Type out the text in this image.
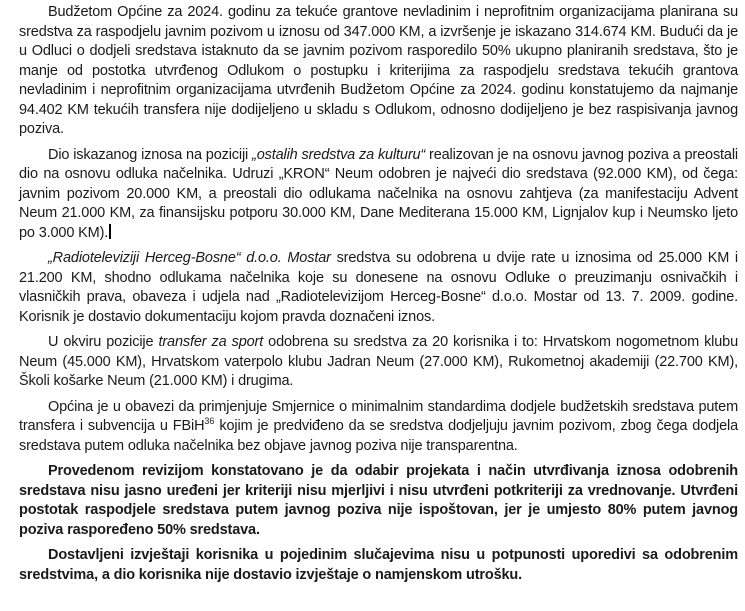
Budžetom Općine za 2024. godinu za tekuće grantove nevladinim i neprofitnim organizacijama planirana su sredstva za raspodjelu javnim pozivom u iznosu od 347.000 KM, a izvršenje je iskazano 314.674 KM. Budući da je u Odluci o dodjeli sredstava istaknuto da se javnim pozivom rasporedilo 50% ukupno planiranih sredstava, što je manje od postotka utvrđenog Odlukom o postupku i kriterijima za raspodjelu sredstava tekućih grantova nevladinim i neprofitnim organizacijama utvrđenih Budžetom Općine za 2024. godinu konstatujemo da najmanje 94.402 KM tekućih transfera nije dodijeljeno u skladu s Odlukom, odnosno dodijeljeno je bez raspisivanja javnog poziva.

Dio iskazanog iznosa na poziciji „ostalih sredstva za kulturu“ realizovan je na osnovu javnog poziva a preostali dio na osnovu odluka načelnika. Udruzi „KRON“ Neum odobren je najveći dio sredstava (92.000 KM), od čega: javnim pozivom 20.000 KM, a preostali dio odlukama načelnika na osnovu zahtjeva (za manifestaciju Advent Neum 21.000 KM, za finansijsku potporu 30.000 KM, Dane Mediterana 15.000 KM, Lignjalov kup i Neumsko ljeto po 3.000 KM).

„Radioteleviziji Herceg-Bosne“ d.o.o. Mostar sredstva su odobrena u dvije rate u iznosima od 25.000 KM i 21.200 KM, shodno odlukama načelnika koje su donesene na osnovu Odluke o preuzimanju osnivačkih i vlasničkih prava, obaveza i udjela nad „Radiotelevizijom Herceg-Bosne“ d.o.o. Mostar od 13. 7. 2009. godine. Korisnik je dostavio dokumentaciju kojom pravda doznačeni iznos.

U okviru pozicije transfer za sport odobrena su sredstva za 20 korisnika i to: Hrvatskom nogometnom klubu Neum (45.000 KM), Hrvatskom vaterpolo klubu Jadran Neum (27.000 KM), Rukometnoj akademiji (22.700 KM), Školi košarke Neum (21.000 KM) i drugima.

Općina je u obavezi da primjenjuje Smjernice o minimalnim standardima dodjele budžetskih sredstava putem transfera i subvencija u FBiH$^{36}$ kojim je predviđeno da se sredstva dodjeljuju javnim pozivom, zbog čega dodjela sredstava putem odluka načelnika bez objave javnog poziva nije transparentna.

Provedenom revizijom konstatovano je da odabir projekata i način utvrđivanja iznosa odobrenih sredstava nisu jasno uređeni jer kriteriji nisu mjerljivi i nisu utvrđeni potkriteriji za vrednovanje. Utvrđeni postotak raspodjele sredstava putem javnog poziva nije ispoštovan, jer je umjesto 80% putem javnog poziva raspoređeno 50% sredstava.

Dostavljeni izvještaji korisnika u pojedinim slučajevima nisu u potpunosti uporedivi sa odobrenim sredstvima, a dio korisnika nije dostavio izvještaje o namjenskom utrošku.
